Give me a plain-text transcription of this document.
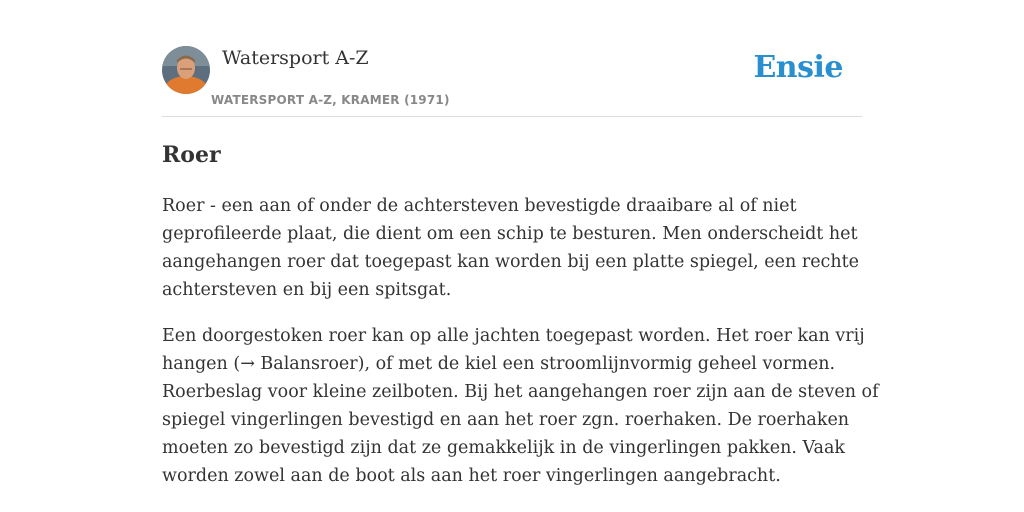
Watersport A-Z
WATERSPORT A-Z, KRAMER (1971)
Ensie
Roer

Roer - een aan of onder de achtersteven bevestigde draaibare al of niet
geprofileerde plaat, die dient om een schip te besturen. Men onderscheidt het
aangehangen roer dat toegepast kan worden bij een platte spiegel, een rechte
achtersteven en bij een spitsgat.

Een doorgestoken roer kan op alle jachten toegepast worden. Het roer kan vrij
hangen (→ Balansroer), of met de kiel een stroomlijnvormig geheel vormen.
Roerbeslag voor kleine zeilboten. Bij het aangehangen roer zijn aan de steven of
spiegel vingerlingen bevestigd en aan het roer zgn. roerhaken. De roerhaken
moeten zo bevestigd zijn dat ze gemakkelijk in de vingerlingen pakken. Vaak
worden zowel aan de boot als aan het roer vingerlingen aangebracht.
